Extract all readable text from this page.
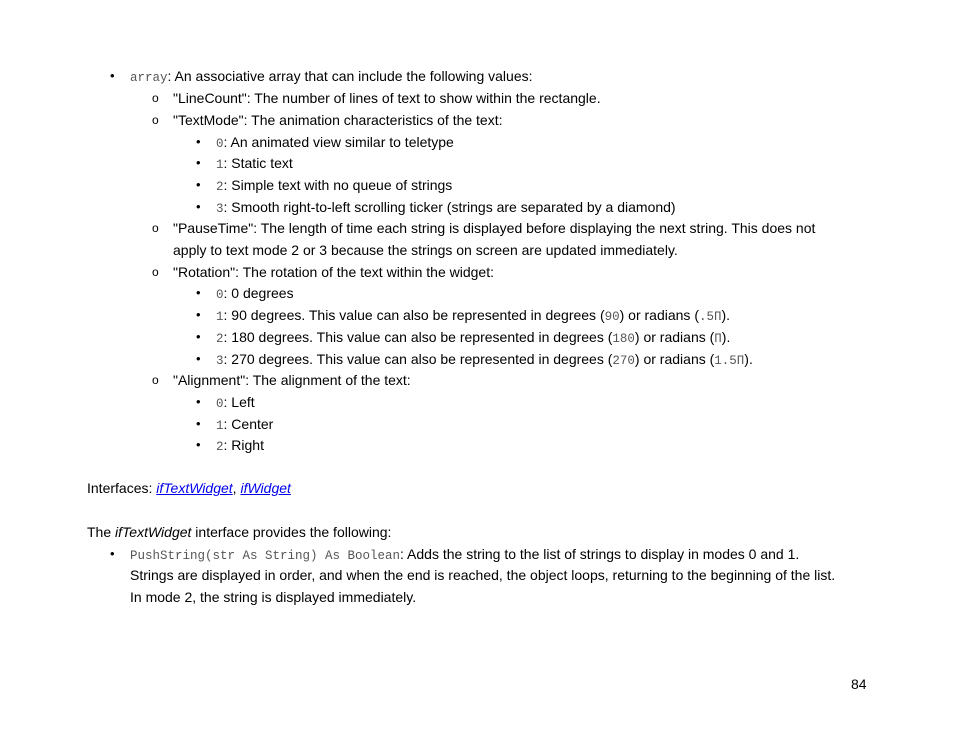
• array: An associative array that can include the following values:
o "LineCount": The number of lines of text to show within the rectangle.
o "TextMode": The animation characteristics of the text:
• 0: An animated view similar to teletype
• 1: Static text
• 2: Simple text with no queue of strings
• 3: Smooth right-to-left scrolling ticker (strings are separated by a diamond)
o "PauseTime": The length of time each string is displayed before displaying the next string. This does not
apply to text mode 2 or 3 because the strings on screen are updated immediately.
o "Rotation": The rotation of the text within the widget:
• 0: 0 degrees
• 1: 90 degrees. This value can also be represented in degrees (90) or radians (.5Π).
• 2: 180 degrees. This value can also be represented in degrees (180) or radians (Π).
• 3: 270 degrees. This value can also be represented in degrees (270) or radians (1.5Π).
o "Alignment": The alignment of the text:
• 0: Left
• 1: Center
• 2: Right
Interfaces: ifTextWidget, ifWidget
The ifTextWidget interface provides the following:
• PushString(str As String) As Boolean: Adds the string to the list of strings to display in modes 0 and 1.
Strings are displayed in order, and when the end is reached, the object loops, returning to the beginning of the list.
In mode 2, the string is displayed immediately.
84
